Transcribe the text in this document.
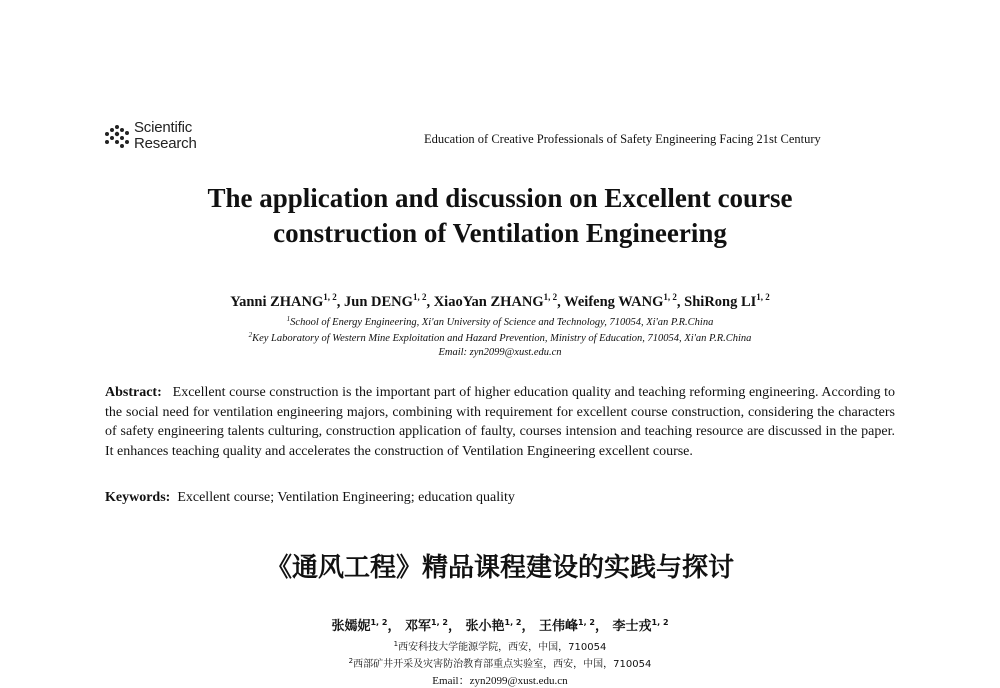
Scientific
Research	Education of Creative Professionals of Safety Engineering Facing 21st Century
The application and discussion on Excellent course
construction of Ventilation Engineering
Yanni ZHANG$^{1, 2}$, Jun DENG$^{1, 2}$, XiaoYan ZHANG$^{1, 2}$, Weifeng WANG$^{1, 2}$, ShiRong LI$^{1, 2}$
$^1$School of Energy Engineering, Xi'an University of Science and Technology, 710054, Xi'an P.R.China
$^2$Key Laboratory of Western Mine Exploitation and Hazard Prevention, Ministry of Education, 710054, Xi'an P.R.China
Email: zyn2099@xust.edu.cn
Abstract: Excellent course construction is the important part of higher education quality and teaching reforming engineering. According to the social need for ventilation engineering majors, combining with requirement for excellent course construction, considering the characters of safety engineering talents culturing, construction application of faulty, courses intension and teaching resource are discussed in the paper. It enhances teaching quality and accelerates the construction of Ventilation Engineering excellent course.
Keywords: Excellent course; Ventilation Engineering; education quality
《通风工程》精品课程建设的实践与探讨
张嫣妮$^{1, 2}$， 邓军$^{1, 2}$， 张小艳$^{1, 2}$， 王伟峰$^{1, 2}$， 李士戎$^{1, 2}$
$^1$西安科技大学能源学院，西安，中国，710054
$^2$西部矿井开采及灾害防治教育部重点实验室，西安，中国，710054
Email：zyn2099@xust.edu.cn
